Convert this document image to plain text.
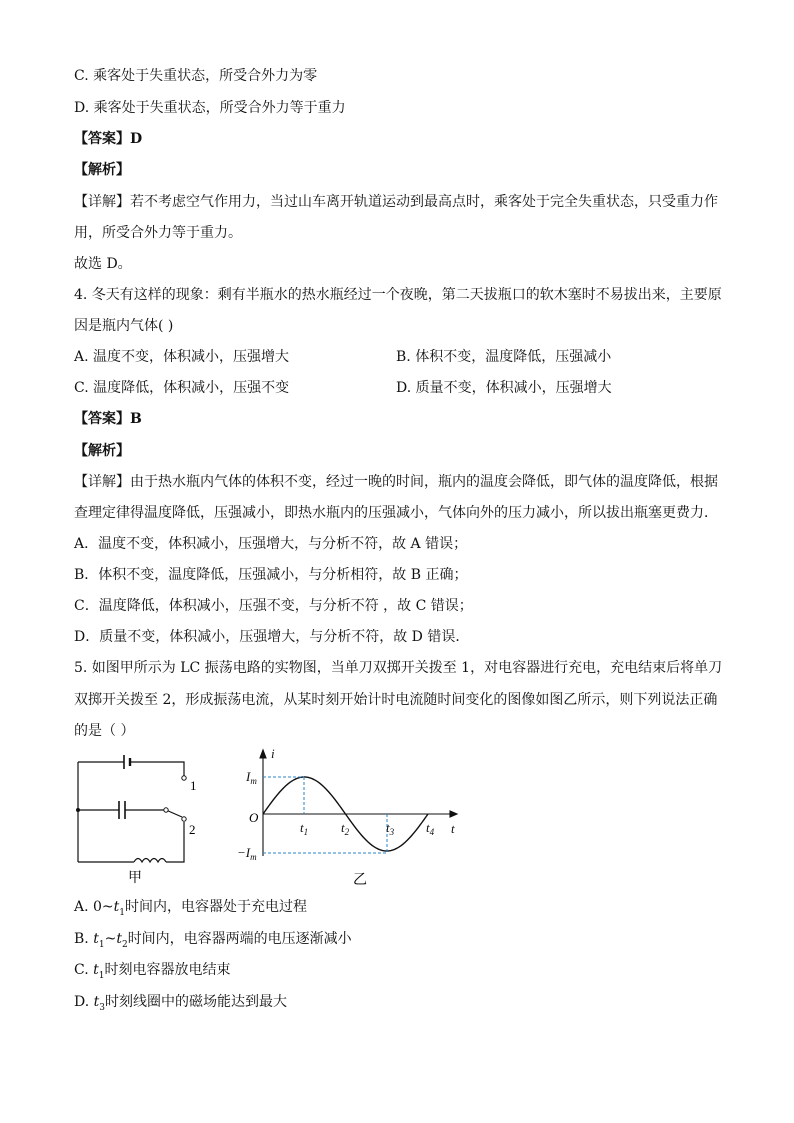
C. 乘客处于失重状态，所受合外力为零
D. 乘客处于失重状态，所受合外力等于重力
【答案】D
【解析】
【详解】若不考虑空气作用力，当过山车离开轨道运动到最高点时，乘客处于完全失重状态，只受重力作
用，所受合外力等于重力。
故选 D。
4. 冬天有这样的现象：剩有半瓶水的热水瓶经过一个夜晚，第二天拔瓶口的软木塞时不易拔出来，主要原
因是瓶内气体( )
A. 温度不变，体积减小，压强增大	B. 体积不变，温度降低，压强减小
C. 温度降低，体积减小，压强不变	D. 质量不变，体积减小，压强增大
【答案】B
【解析】
【详解】由于热水瓶内气体的体积不变，经过一晚的时间，瓶内的温度会降低，即气体的温度降低，根据
查理定律得温度降低，压强减小，即热水瓶内的压强减小，气体向外的压力减小，所以拔出瓶塞更费力．
A．温度不变，体积减小，压强增大，与分析不符，故 A 错误；
B．体积不变，温度降低，压强减小，与分析相符，故 B 正确；
C．温度降低，体积减小，压强不变，与分析不符 ，故 C 错误；
D．质量不变，体积减小，压强增大，与分析不符，故 D 错误．
5. 如图甲所示为 LC 振荡电路的实物图，当单刀双掷开关拨至 1，对电容器进行充电，充电结束后将单刀
双掷开关拨至 2，形成振荡电流，从某时刻开始计时电流随时间变化的图像如图乙所示，则下列说法正确
的是（ ）
1
2
甲
i
t
$I_m$
$-I_m$
$t_1$	$t_2$	$t_3$ $t_4$
O
乙
A. $0\sim t_1$时间内，电容器处于充电过程
B. $t_1\sim t_2$时间内，电容器两端的电压逐渐减小
C. $t_1$时刻电容器放电结束
D. $t_3$时刻线圈中的磁场能达到最大
